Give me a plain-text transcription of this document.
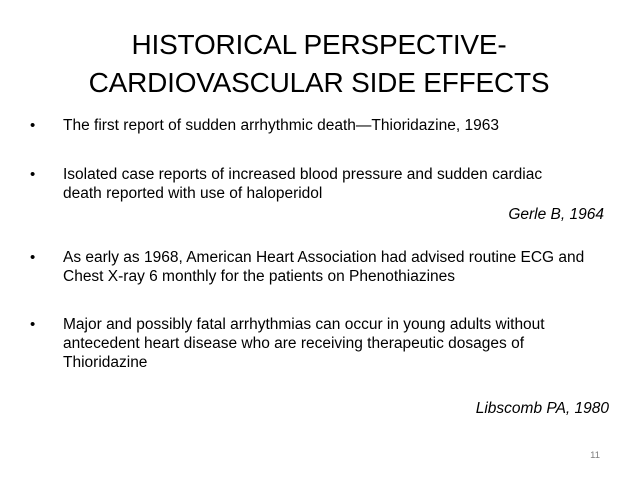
HISTORICAL PERSPECTIVE-
CARDIOVASCULAR SIDE EFFECTS
•	The first report of sudden arrhythmic death—Thioridazine, 1963
•	Isolated case reports of increased blood pressure and sudden cardiac death reported with use of haloperidol
Gerle B, 1964
•	As early as 1968, American Heart Association had advised routine ECG and Chest X-ray 6 monthly for the patients on Phenothiazines
•	Major and possibly fatal arrhythmias can occur in young adults without antecedent heart disease who are receiving therapeutic dosages of Thioridazine
Libscomb PA, 1980
11
